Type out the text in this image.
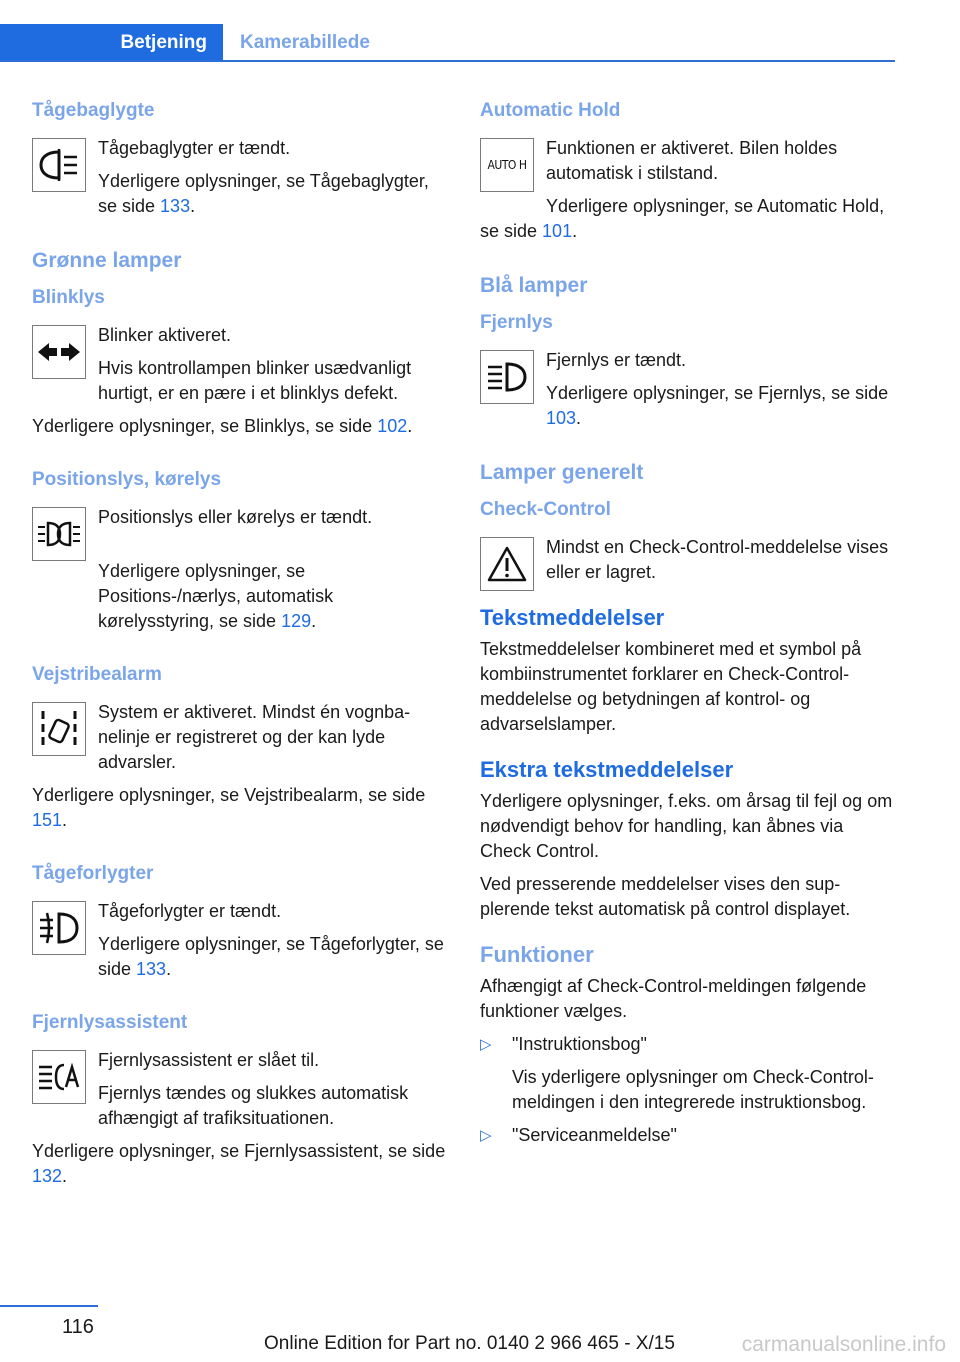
Betjening	Kamerabillede
Tågebaglygte

Tågebaglygter er tændt.

Yderligere oplysninger, se Tågebaglygter, se side 133.

Grønne lamper
Blinklys

Blinker aktiveret.

Hvis kontrollampen blinker usædvanligt hurtigt, er en pære i et blinklys defekt.

Yderligere oplysninger, se Blinklys, se side 102.

Positionslys, kørelys

Positionslys eller kørelys er tændt.

Yderligere oplysninger, se Positions-/nærlys, automatisk kørelysstyring, se side 129.

Vejstribealarm

System er aktiveret. Mindst én vognbanelinje er registreret og der kan lyde advarsler.

Yderligere oplysninger, se Vejstribealarm, se side 151.

Tågeforlygter

Tågeforlygter er tændt.

Yderligere oplysninger, se Tågeforlygter, se side 133.

Fjernlysassistent

Fjernlysassistent er slået til.

Fjernlys tændes og slukkes automatisk afhængigt af trafiksituationen.

Yderligere oplysninger, se Fjernlysassistent, se side 132.

Automatic Hold
AUTO H

Funktionen er aktiveret. Bilen holdes automatisk i stilstand.

Yderligere oplysninger, se Automatic Hold, se side 101.

Blå lamper
Fjernlys

Fjernlys er tændt.

Yderligere oplysninger, se Fjernlys, se side 103.

Lamper generelt
Check-Control

Mindst en Check-Control-meddelelse vises eller er lagret.

Tekstmeddelelser

Tekstmeddelelser kombineret med et symbol på kombiinstrumentet forklarer en Check-Control-meddelelse og betydningen af kontrol- og advarselslamper.

Ekstra tekstmeddelelser

Yderligere oplysninger, f.eks. om årsag til fejl og om nødvendigt behov for handling, kan åbnes via Check Control.

Ved presserende meddelelser vises den supplerende tekst automatisk på control displayet.

Funktioner

Afhængigt af Check-Control-meldingen følgende funktioner vælges.

▷	"Instruktionsbog"

Vis yderligere oplysninger om Check-Control-meldingen i den integrerede instruktionsbog.

▷	"Serviceanmeldelse"

116
Online Edition for Part no. 0140 2 966 465 - X/15	carmanualsonline.info
